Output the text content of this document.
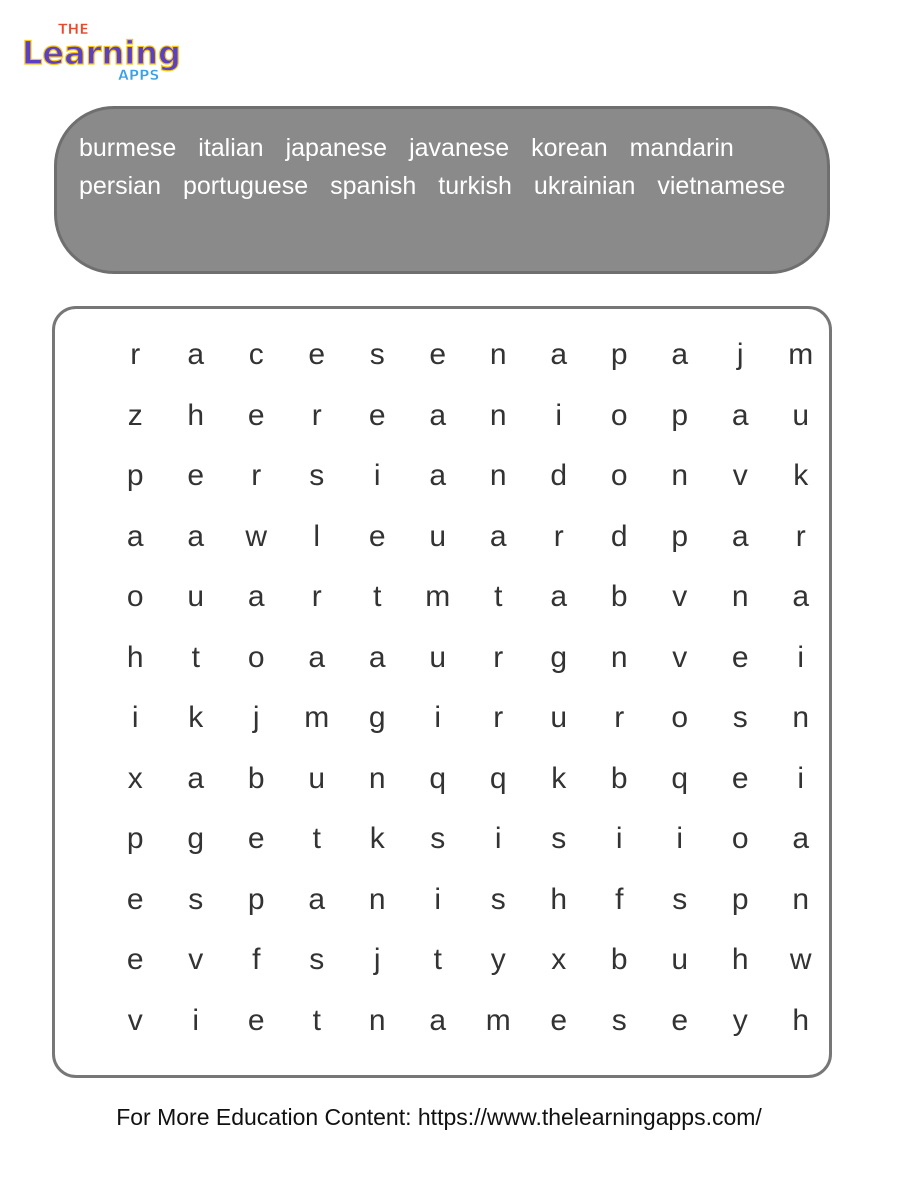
THE
Learning
APPS
burmese italian japanese javanese korean mandarin
persian portuguese spanish turkish ukrainian vietnamese
r	a	c	e	s	e	n	a	p	a	j	m
z	h	e	r	e	a	n	i	o	p	a	u
p	e	r	s	i	a	n	d	o	n	v	k
a	a	w	l	e	u	a	r	d	p	a	r
o	u	a	r	t	m	t	a	b	v	n	a
h	t	o	a	a	u	r	g	n	v	e	i
i	k	j	m	g	i	r	u	r	o	s	n
x	a	b	u	n	q	q	k	b	q	e	i
p	g	e	t	k	s	i	s	i	i	o	a
e	s	p	a	n	i	s	h	f	s	p	n
e	v	f	s	j	t	y	x	b	u	h	w
v	i	e	t	n	a	m	e	s	e	y	h
For More Education Content: https://www.thelearningapps.com/
